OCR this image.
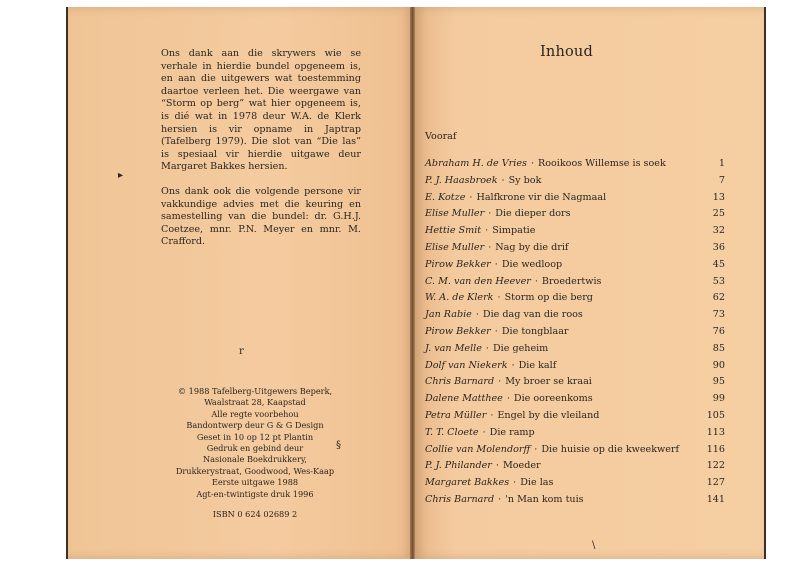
Ons dank aan die skrywers wie se verhale in hierdie bundel opgeneem is, en aan die uitgewers wat toestemming daartoe verleen het. Die weergawe van “Storm op berg” wat hier opgeneem is, is dié wat in 1978 deur W.A. de Klerk hersien is vir opname in Japtrap (Tafelberg 1979). Die slot van “Die las” is spesiaal vir hierdie uitgawe deur Margaret Bakkes hersien.

Ons dank ook die volgende persone vir vakkundige advies met die keuring en samestelling van die bundel: dr. G.H.J. Coetzee, mnr. P.N. Meyer en mnr. M. Crafford.

© 1988 Tafelberg-Uitgewers Beperk,
Waalstraat 28, Kaapstad
Alle regte voorbehou
Bandontwerp deur G & G Design
Geset in 10 op 12 pt Plantin
Gedruk en gebind deur
Nasionale Boekdrukkery,
Drukkerystraat, Goodwood, Wes-Kaap
Eerste uitgawe 1988
Agt-en-twintigste druk 1996
ISBN 0 624 02689 2
Inhoud
Vooraf
Abraham H. de Vries · Rooikoos Willemse is soek	1
P. J. Haasbroek · Sy bok	7
E. Kotze · Halfkrone vir die Nagmaal	13
Elise Muller · Die dieper dors	25
Hettie Smit · Simpatie	32
Elise Muller · Nag by die drif	36
Pirow Bekker · Die wedloop	45
C. M. van den Heever · Broedertwis	53
W. A. de Klerk · Storm op die berg	62
Jan Rabie · Die dag van die roos	73
Pirow Bekker · Die tongblaar	76
J. van Melle · Die geheim	85
Dolf van Niekerk · Die kalf	90
Chris Barnard · My broer se kraai	95
Dalene Matthee · Die ooreenkoms	99
Petra Müller · Engel by die vleiland	105
T. T. Cloete · Die ramp	113
Collie van Molendorff · Die huisie op die kweekwerf	116
P. J. Philander · Moeder	122
Margaret Bakkes · Die las	127
Chris Barnard · 'n Man kom tuis	141
▸
r
§
\
